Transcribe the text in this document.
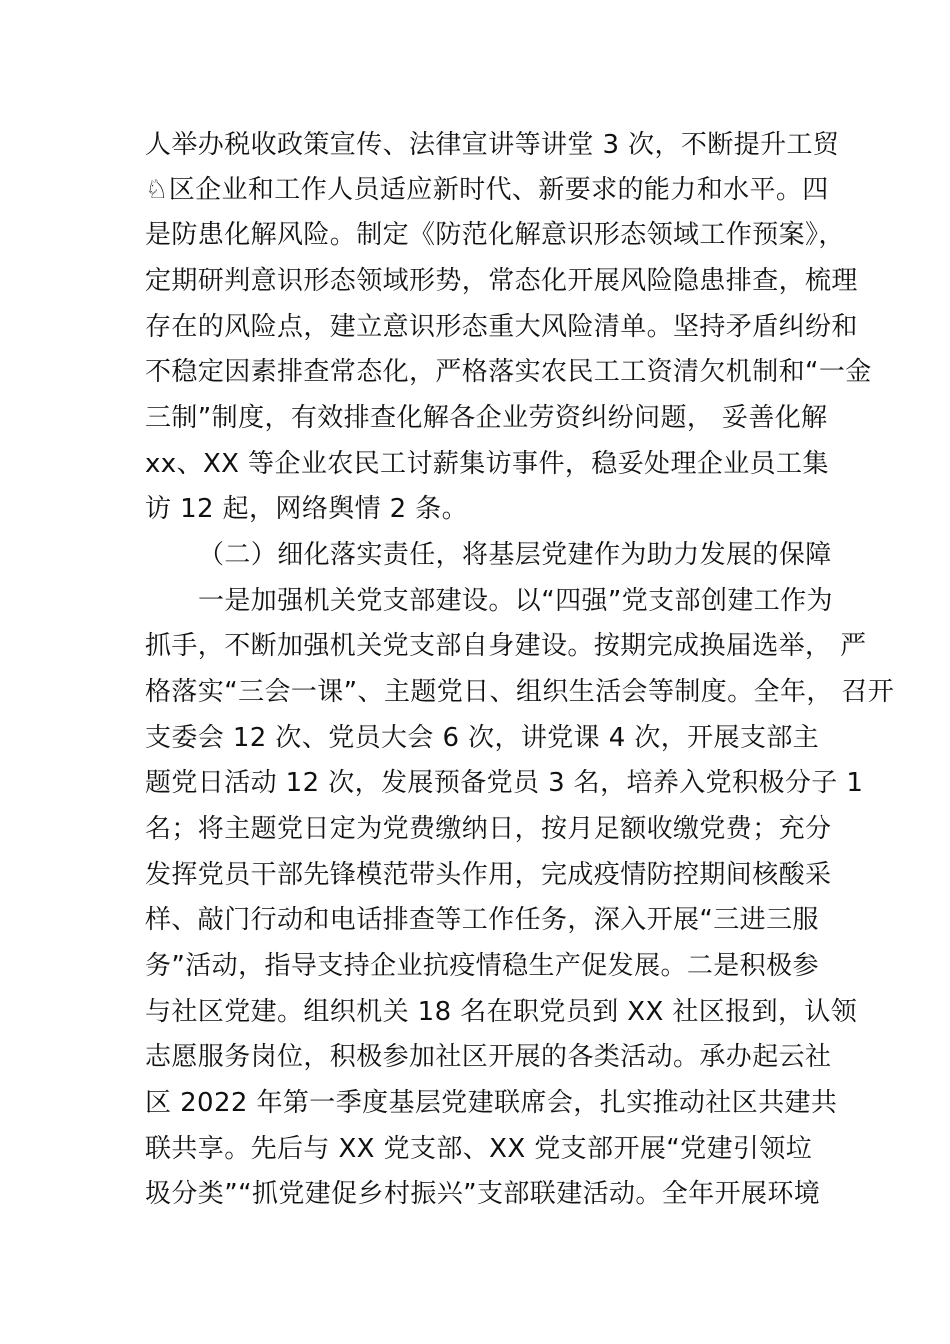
人举办税收政策宣传、法律宣讲等讲堂 3 次，不断提升工贸
♘区企业和工作人员适应新时代、新要求的能力和水平。四
是防患化解风险。制定《防范化解意识形态领域工作预案》，
定期研判意识形态领域形势，常态化开展风险隐患排查，梳理
存在的风险点，建立意识形态重大风险清单。坚持矛盾纠纷和
不稳定因素排查常态化，严格落实农民工工资清欠机制和“一金
三制”制度，有效排查化解各企业劳资纠纷问题， 妥善化解
xx、XX 等企业农民工讨薪集访事件，稳妥处理企业员工集
访 12 起，网络舆情 2 条。
（二）细化落实责任，将基层党建作为助力发展的保障
一是加强机关党支部建设。以“四强”党支部创建工作为
抓手，不断加强机关党支部自身建设。按期完成换届选举， 严
格落实“三会一课”、主题党日、组织生活会等制度。全年， 召开
支委会 12 次、党员大会 6 次，讲党课 4 次，开展支部主
题党日活动 12 次，发展预备党员 3 名，培养入党积极分子 1
名；将主题党日定为党费缴纳日，按月足额收缴党费；充分
发挥党员干部先锋模范带头作用，完成疫情防控期间核酸采
样、敲门行动和电话排查等工作任务，深入开展“三进三服
务”活动，指导支持企业抗疫情稳生产促发展。二是积极参
与社区党建。组织机关 18 名在职党员到 XX 社区报到，认领
志愿服务岗位，积极参加社区开展的各类活动。承办起云社
区 2022 年第一季度基层党建联席会，扎实推动社区共建共
联共享。先后与 XX 党支部、XX 党支部开展“党建引领垃
圾分类”“抓党建促乡村振兴”支部联建活动。全年开展环境
